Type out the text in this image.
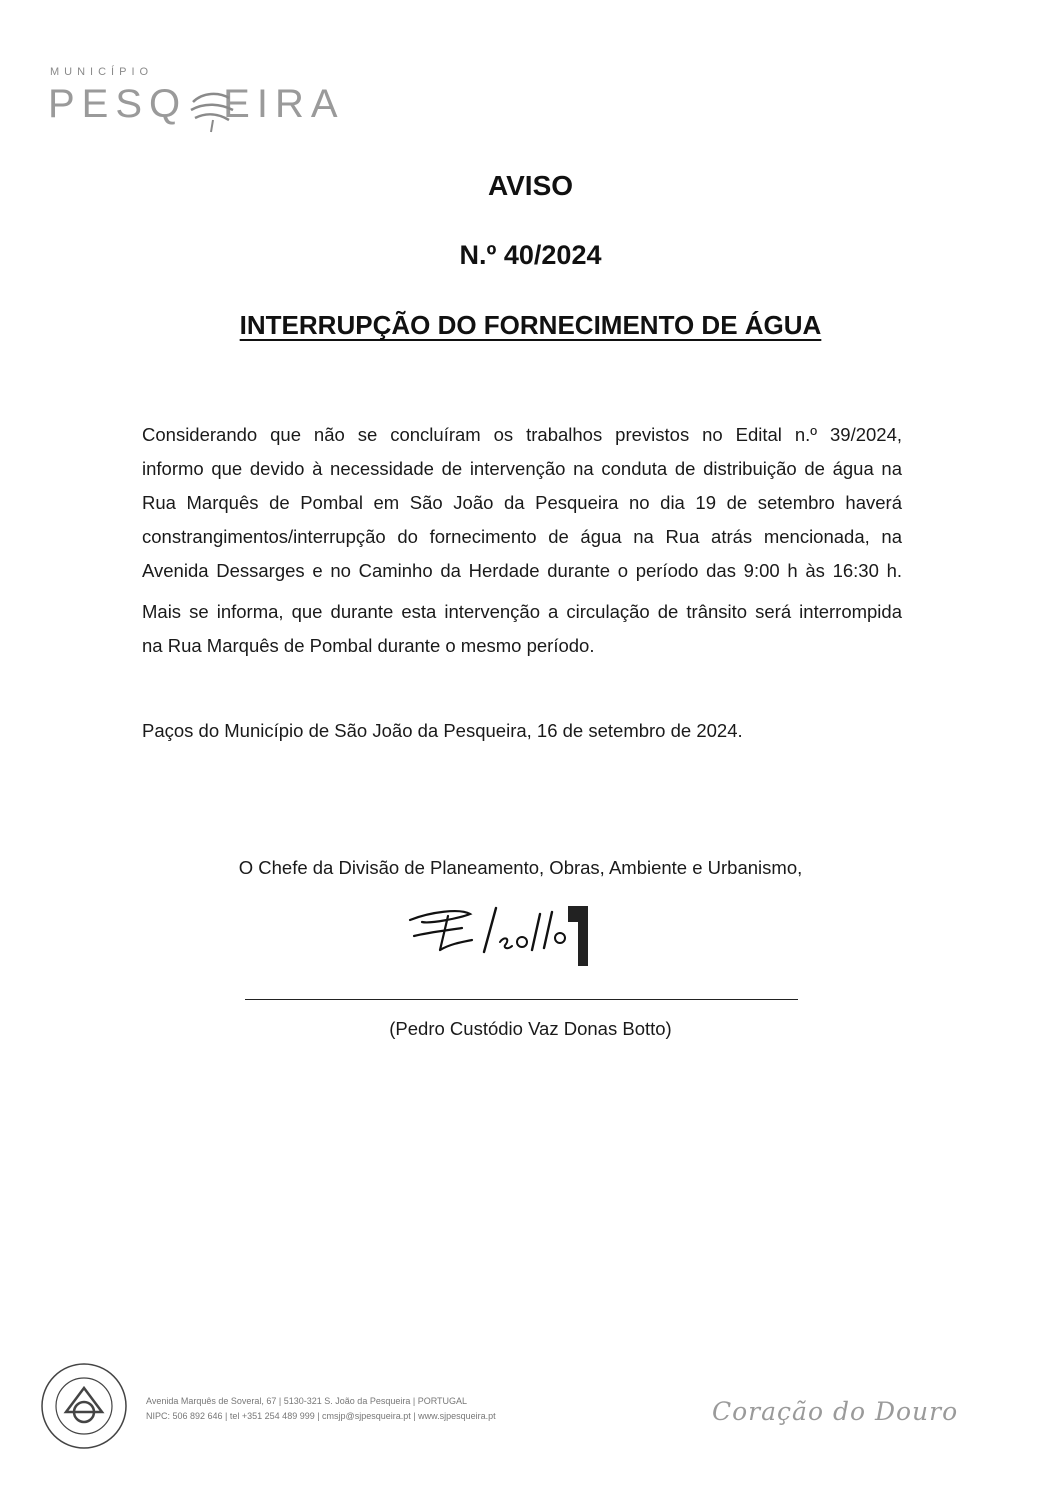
MUNICÍPIO
PESQ EIRA
AVISO
N.º 40/2024
INTERRUPÇÃO DO FORNECIMENTO DE ÁGUA
Considerando que não se concluíram os trabalhos previstos no Edital n.º 39/2024,
informo que devido à necessidade de intervenção na conduta de distribuição de água na
Rua Marquês de Pombal em São João da Pesqueira no dia 19 de setembro haverá
constrangimentos/interrupção do fornecimento de água na Rua atrás mencionada, na
Avenida Dessarges e no Caminho da Herdade durante o período das 9:00 h às 16:30 h.
Mais se informa, que durante esta intervenção a circulação de trânsito será interrompida
na Rua Marquês de Pombal durante o mesmo período.
Paços do Município de São João da Pesqueira, 16 de setembro de 2024.
O Chefe da Divisão de Planeamento, Obras, Ambiente e Urbanismo,
(Pedro Custódio Vaz Donas Botto)
Avenida Marquês de Soveral, 67 | 5130-321 S. João da Pesqueira | PORTUGAL
NIPC: 506 892 646 | tel +351 254 489 999 | cmsjp@sjpesqueira.pt | www.sjpesqueira.pt	Coração do Douro
